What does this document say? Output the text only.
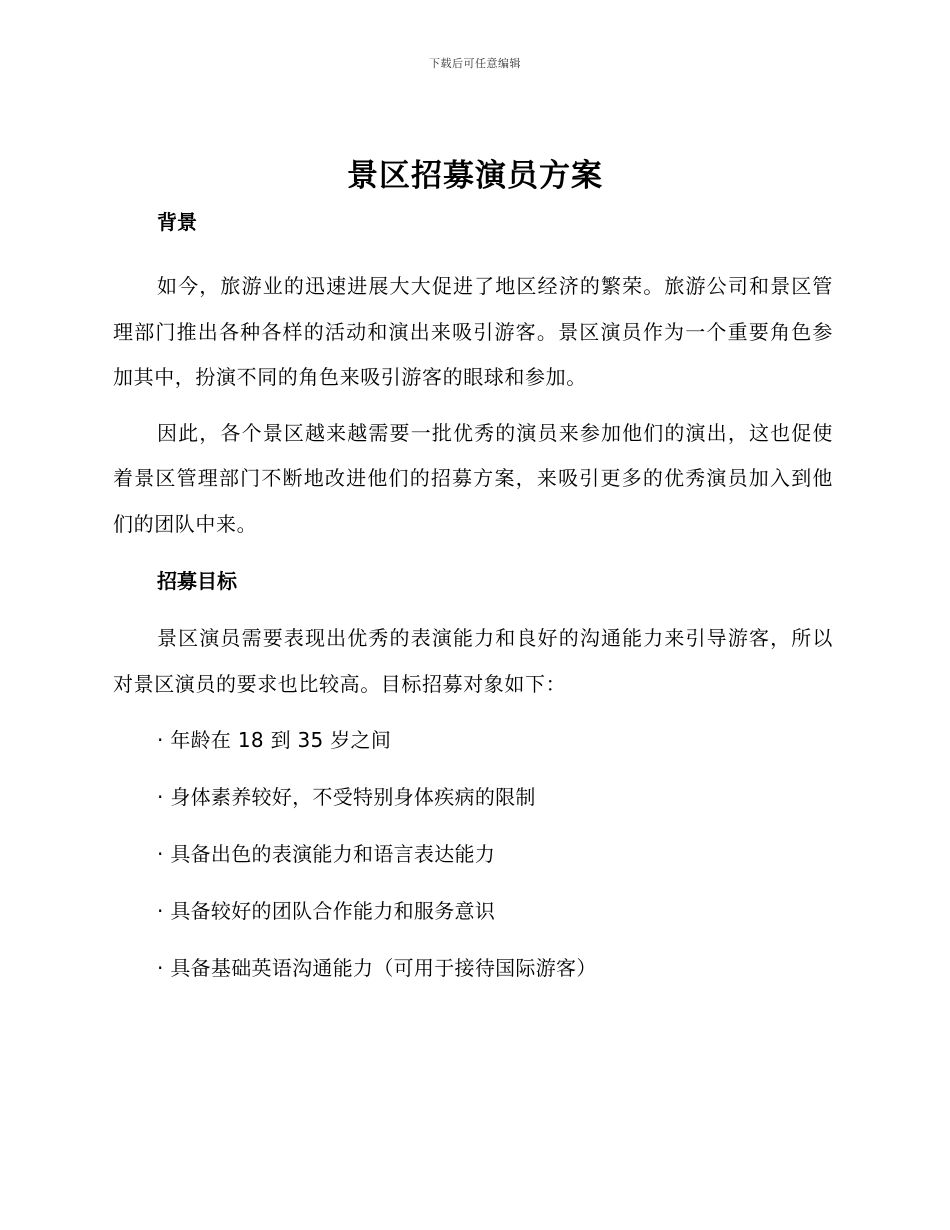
下载后可任意编辑
景区招募演员方案
背景

如今，旅游业的迅速进展大大促进了地区经济的繁荣。旅游公司和景区管理部门推出各种各样的活动和演出来吸引游客。景区演员作为一个重要角色参加其中，扮演不同的角色来吸引游客的眼球和参加。

因此，各个景区越来越需要一批优秀的演员来参加他们的演出，这也促使着景区管理部门不断地改进他们的招募方案，来吸引更多的优秀演员加入到他们的团队中来。

招募目标

景区演员需要表现出优秀的表演能力和良好的沟通能力来引导游客，所以对景区演员的要求也比较高。目标招募对象如下：

· 年龄在 18 到 35 岁之间
· 身体素养较好，不受特别身体疾病的限制
· 具备出色的表演能力和语言表达能力
· 具备较好的团队合作能力和服务意识
· 具备基础英语沟通能力（可用于接待国际游客）
